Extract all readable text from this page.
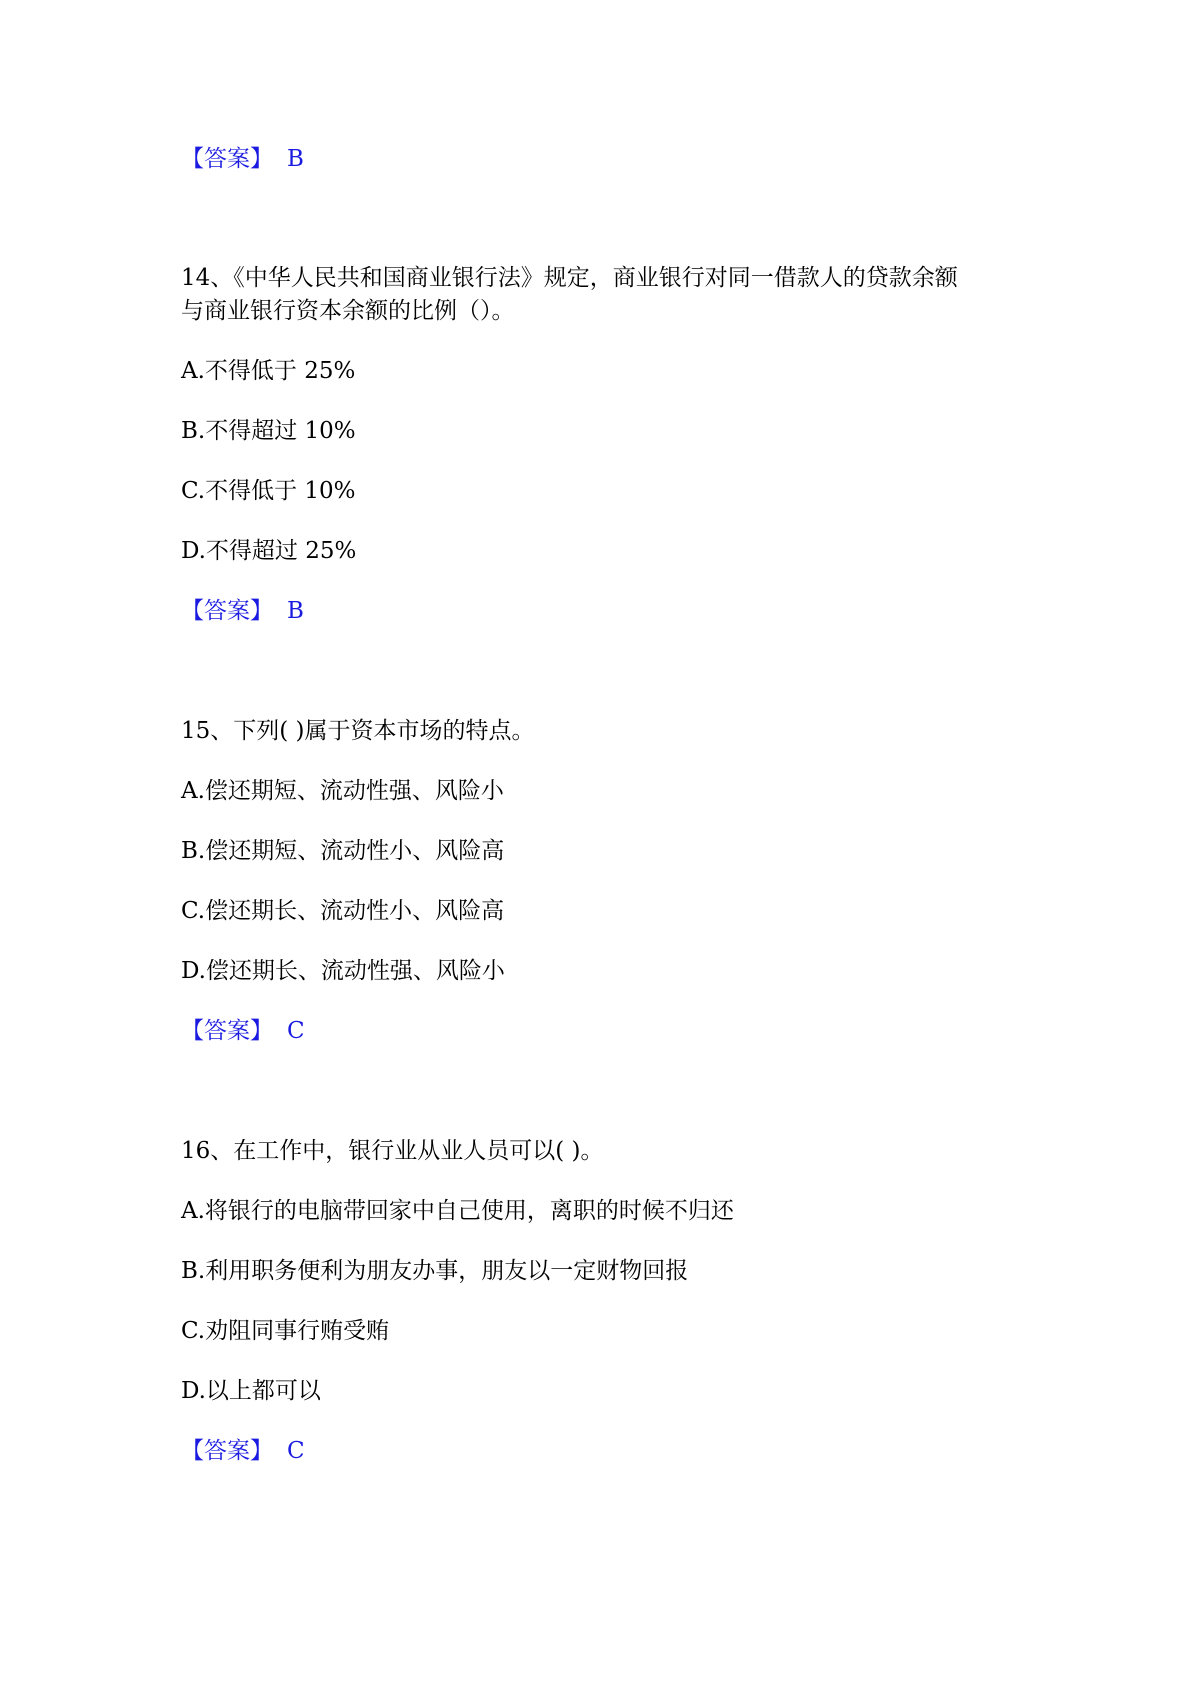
【答案】 B
14、《中华人民共和国商业银行法》规定，商业银行对同一借款人的贷款余额
与商业银行资本余额的比例（）。
A.不得低于 25%
B.不得超过 10%
C.不得低于 10%
D.不得超过 25%
【答案】 B
15、下列( )属于资本市场的特点。
A.偿还期短、流动性强、风险小
B.偿还期短、流动性小、风险高
C.偿还期长、流动性小、风险高
D.偿还期长、流动性强、风险小
【答案】 C
16、在工作中，银行业从业人员可以( )。
A.将银行的电脑带回家中自己使用，离职的时候不归还
B.利用职务便利为朋友办事，朋友以一定财物回报
C.劝阻同事行贿受贿
D.以上都可以
【答案】 C
